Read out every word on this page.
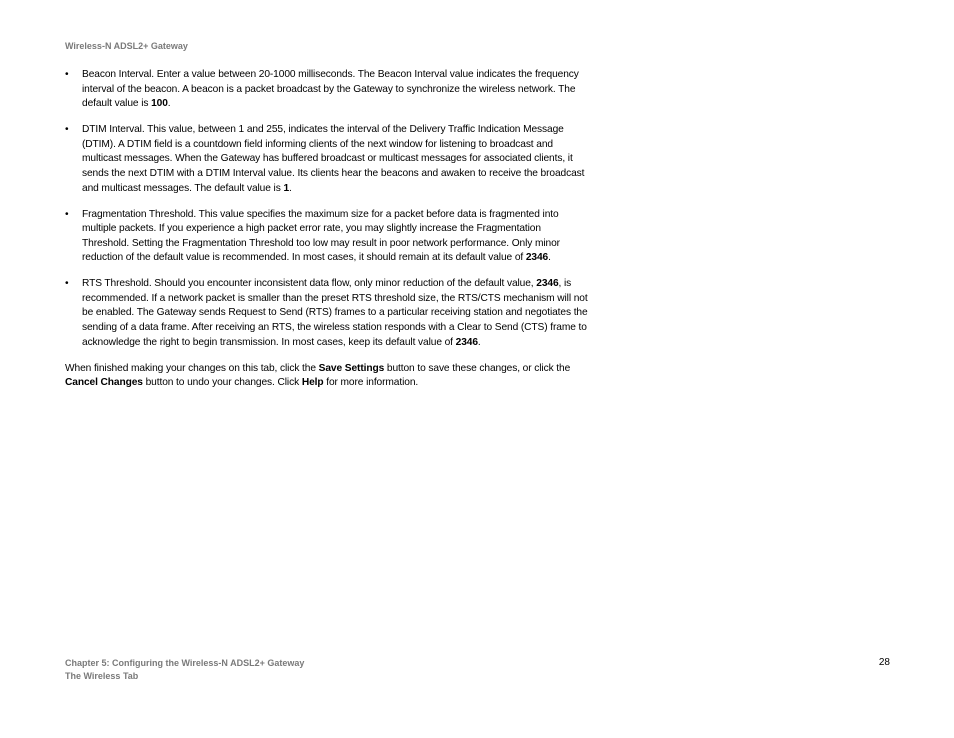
Wireless-N ADSL2+ Gateway
• Beacon Interval. Enter a value between 20-1000 milliseconds. The Beacon Interval value indicates the frequency interval of the beacon. A beacon is a packet broadcast by the Gateway to synchronize the wireless network. The default value is 100.
• DTIM Interval. This value, between 1 and 255, indicates the interval of the Delivery Traffic Indication Message (DTIM). A DTIM field is a countdown field informing clients of the next window for listening to broadcast and multicast messages. When the Gateway has buffered broadcast or multicast messages for associated clients, it sends the next DTIM with a DTIM Interval value. Its clients hear the beacons and awaken to receive the broadcast and multicast messages. The default value is 1.
• Fragmentation Threshold. This value specifies the maximum size for a packet before data is fragmented into multiple packets. If you experience a high packet error rate, you may slightly increase the Fragmentation Threshold. Setting the Fragmentation Threshold too low may result in poor network performance. Only minor reduction of the default value is recommended. In most cases, it should remain at its default value of 2346.
• RTS Threshold. Should you encounter inconsistent data flow, only minor reduction of the default value, 2346, is recommended. If a network packet is smaller than the preset RTS threshold size, the RTS/CTS mechanism will not be enabled. The Gateway sends Request to Send (RTS) frames to a particular receiving station and negotiates the sending of a data frame. After receiving an RTS, the wireless station responds with a Clear to Send (CTS) frame to acknowledge the right to begin transmission. In most cases, keep its default value of 2346.

When finished making your changes on this tab, click the Save Settings button to save these changes, or click the Cancel Changes button to undo your changes. Click Help for more information.

Chapter 5: Configuring the Wireless-N ADSL2+ Gateway
The Wireless Tab
28
